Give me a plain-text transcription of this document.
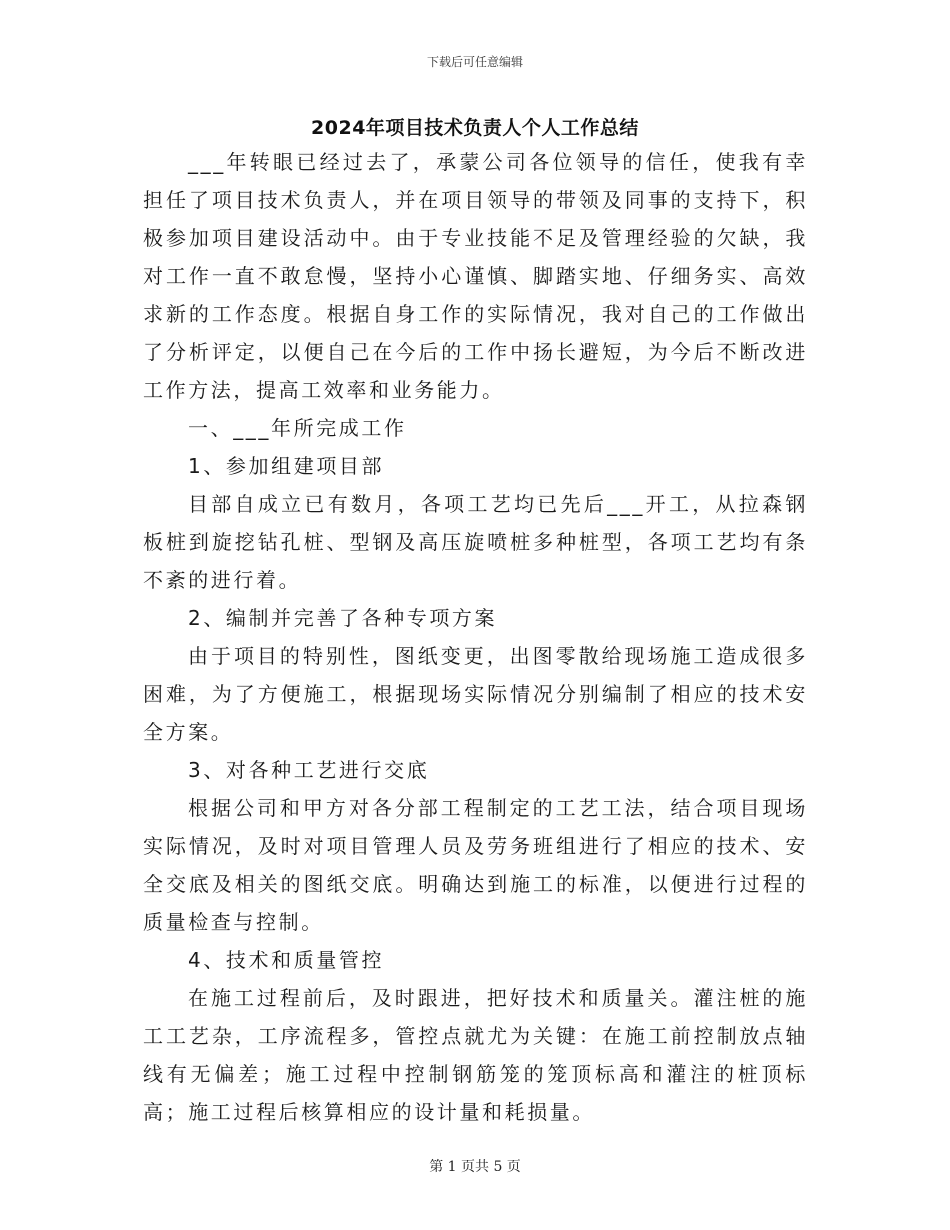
下载后可任意编辑
2024年项目技术负责人个人工作总结

___年转眼已经过去了，承蒙公司各位领导的信任，使我有幸担任了项目技术负责人，并在项目领导的带领及同事的支持下，积极参加项目建设活动中。由于专业技能不足及管理经验的欠缺，我对工作一直不敢怠慢，坚持小心谨慎、脚踏实地、仔细务实、高效求新的工作态度。根据自身工作的实际情况，我对自己的工作做出了分析评定，以便自己在今后的工作中扬长避短，为今后不断改进工作方法，提高工效率和业务能力。

一、___年所完成工作

1、参加组建项目部

目部自成立已有数月，各项工艺均已先后___开工，从拉森钢板桩到旋挖钻孔桩、型钢及高压旋喷桩多种桩型，各项工艺均有条不紊的进行着。

2、编制并完善了各种专项方案

由于项目的特别性，图纸变更，出图零散给现场施工造成很多困难，为了方便施工，根据现场实际情况分别编制了相应的技术安全方案。

3、对各种工艺进行交底

根据公司和甲方对各分部工程制定的工艺工法，结合项目现场实际情况，及时对项目管理人员及劳务班组进行了相应的技术、安全交底及相关的图纸交底。明确达到施工的标准，以便进行过程的质量检查与控制。

4、技术和质量管控

在施工过程前后，及时跟进，把好技术和质量关。灌注桩的施工工艺杂，工序流程多，管控点就尤为关键：在施工前控制放点轴线有无偏差；施工过程中控制钢筋笼的笼顶标高和灌注的桩顶标高；施工过程后核算相应的设计量和耗损量。

第 1 页共 5 页
